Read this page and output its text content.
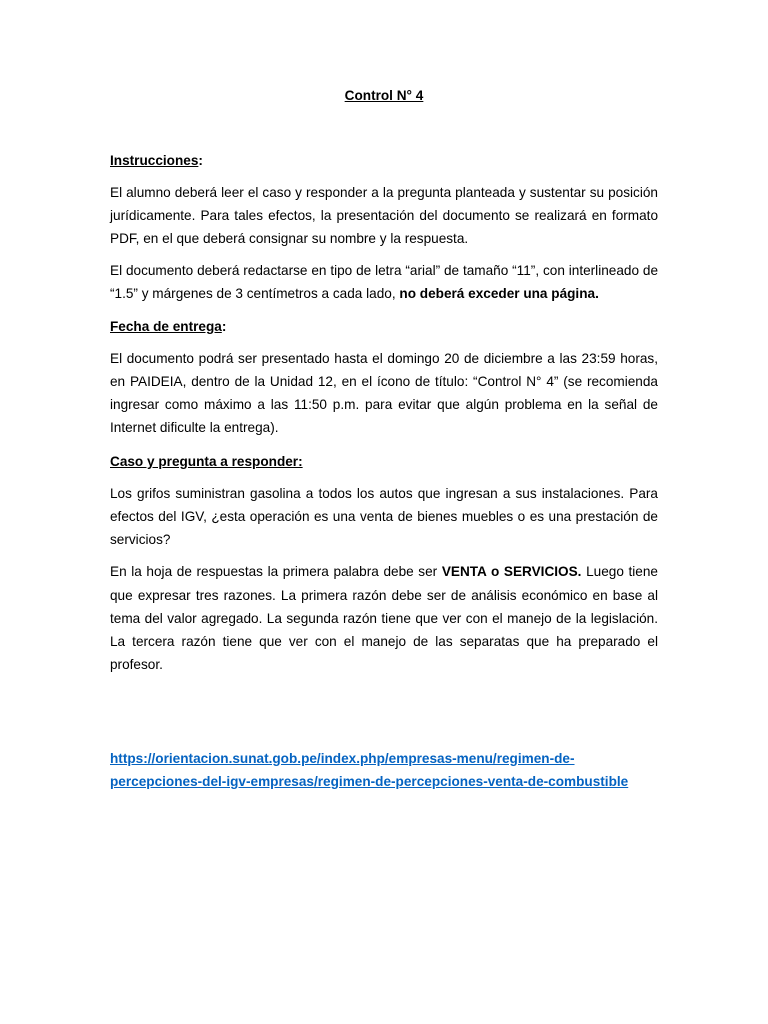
Control N° 4

Instrucciones:

El alumno deberá leer el caso y responder a la pregunta planteada y sustentar su posición jurídicamente. Para tales efectos, la presentación del documento se realizará en formato PDF, en el que deberá consignar su nombre y la respuesta.

El documento deberá redactarse en tipo de letra “arial” de tamaño “11”, con interlineado de “1.5” y márgenes de 3 centímetros a cada lado, no deberá exceder una página.

Fecha de entrega:

El documento podrá ser presentado hasta el domingo 20 de diciembre a las 23:59 horas, en PAIDEIA, dentro de la Unidad 12, en el ícono de título: “Control N° 4” (se recomienda ingresar como máximo a las 11:50 p.m. para evitar que algún problema en la señal de Internet dificulte la entrega).

Caso y pregunta a responder:

Los grifos suministran gasolina a todos los autos que ingresan a sus instalaciones. Para efectos del IGV, ¿esta operación es una venta de bienes muebles o es una prestación de servicios?

En la hoja de respuestas la primera palabra debe ser VENTA o SERVICIOS. Luego tiene que expresar tres razones. La primera razón debe ser de análisis económico en base al tema del valor agregado. La segunda razón tiene que ver con el manejo de la legislación. La tercera razón tiene que ver con el manejo de las separatas que ha preparado el profesor.

https://orientacion.sunat.gob.pe/index.php/empresas-menu/regimen-de-

percepciones-del-igv-empresas/regimen-de-percepciones-venta-de-combustible
